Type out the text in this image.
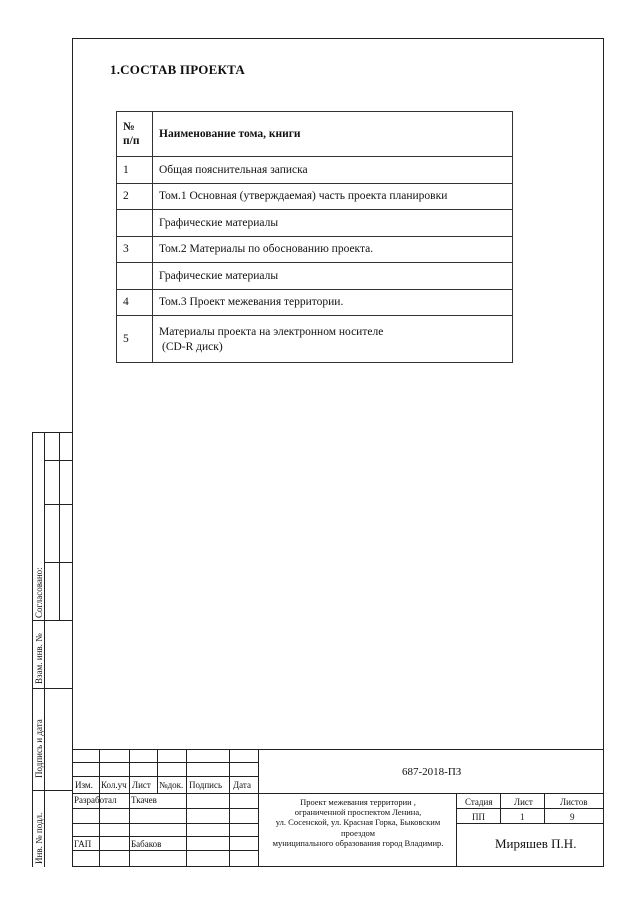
1.СОСТАВ ПРОЕКТА
№ п/п	Наименование тома, книги
1	Общая пояснительная записка
2	Том.1 Основная (утверждаемая) часть проекта планировки
	Графические материалы
3	Том.2 Материалы по обоснованию проекта.
	Графические материалы
4	Том.3 Проект межевания территории.
5	Материалы проекта на электронном носителе
(CD-R диск)
Согласовано:
Взам. инв. №
Подпись и дата
Инв. № подл.
Изм. Кол.уч Лист №док. Подпись Дата
687-2018-ПЗ
Разработал Ткачев
ГАП	Бабаков
Проект межевания территории ,
ограниченной проспектом Ленина,
ул. Сосенской, ул. Красная Горка, Быковским
проездом
муниципального образования город Владимир.
Стадия Лист	Листов
ПП	1	9
Миряшев П.Н.
